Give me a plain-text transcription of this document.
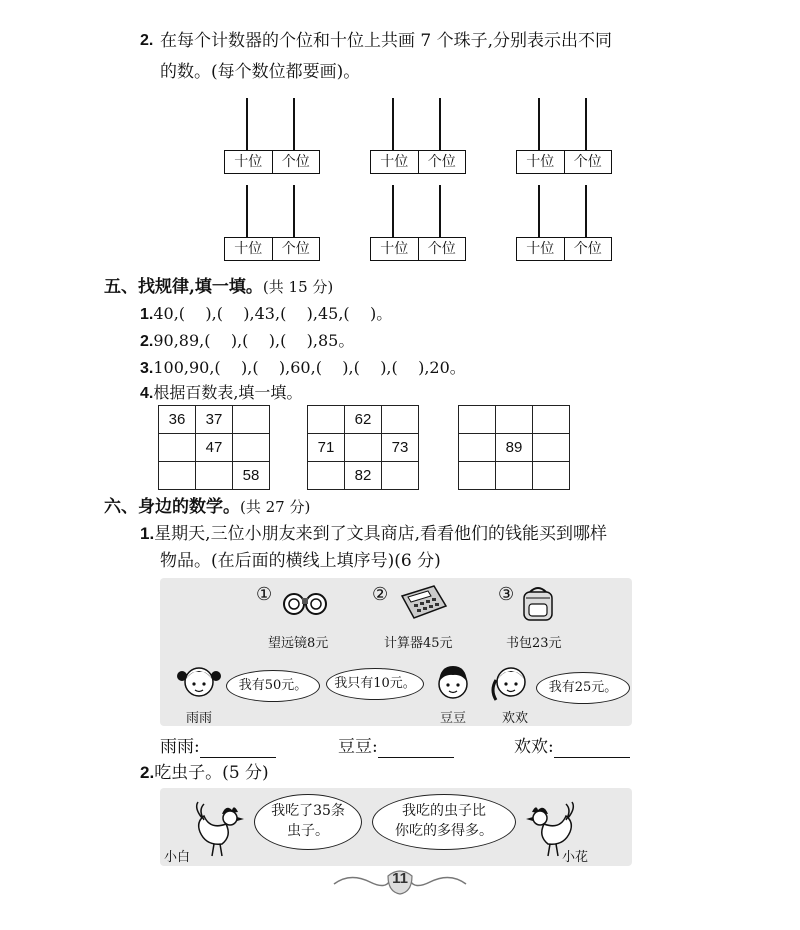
2. 在每个计数器的个位和十位上共画 7 个珠子,分别表示出不同
的数。(每个数位都要画)。
十位	个位	十位	个位	十位	个位
十位	个位	十位	个位	十位	个位
五、找规律,填一填。(共 15 分)
1.40,(    ),(    ),43,(    ),45,(    )。
2.90,89,(    ),(    ),(    ),85。
3.100,90,(    ),(    ),60,(    ),(    ),(    ),20。
4.根据百数表,填一填。
36	37	
	47	
		58
	62	
71		73
	82	

	89	

六、身边的数学。(共 27 分)
1.星期天,三位小朋友来到了文具商店,看看他们的钱能买到哪样
物品。(在后面的横线上填序号)(6 分)
①
望远镜8元
②
计算器45元
③
书包23元
雨雨
我有50元。	我只有10元。
豆豆	欢欢
我有25元。
雨雨:	豆豆:	欢欢:
2.吃虫子。(5 分)
小白
我吃了35条
虫子。
我吃的虫子比
你吃的多得多。
小花
11
